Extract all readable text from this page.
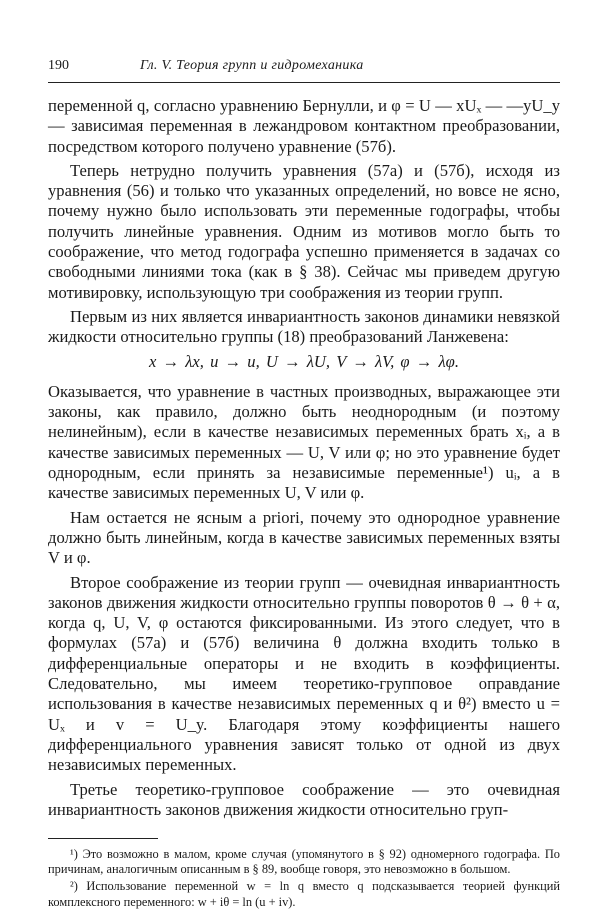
190	Гл. V. Теория групп и гидромеханика

переменной q, согласно уравнению Бернулли, и φ = U — xUₓ — —yU_y — зависимая переменная в лежандровом контактном преобразовании, посредством которого получено уравнение (57б).

Теперь нетрудно получить уравнения (57а) и (57б), исходя из уравнения (56) и только что указанных определений, но вовсе не ясно, почему нужно было использовать эти переменные годографы, чтобы получить линейные уравнения. Одним из мотивов могло быть то соображение, что метод годографа успешно применяется в задачах со свободными линиями тока (как в § 38). Сейчас мы приведем другую мотивировку, использующую три соображения из теории групп.

Первым из них является инвариантность законов динамики невязкой жидкости относительно группы (18) преобразований Ланжевена:

x → λx, u → u, U → λU, V → λV, φ → λφ.

Оказывается, что уравнение в частных производных, выражающее эти законы, как правило, должно быть неоднородным (и поэтому нелинейным), если в качестве независимых переменных брать xᵢ, а в качестве зависимых переменных — U, V или φ; но это уравнение будет однородным, если принять за независимые переменные¹) uᵢ, а в качестве зависимых переменных U, V или φ.

Нам остается не ясным a priori, почему это однородное уравнение должно быть линейным, когда в качестве зависимых переменных взяты V и φ.

Второе соображение из теории групп — очевидная инвариантность законов движения жидкости относительно группы поворотов θ → θ + α, когда q, U, V, φ остаются фиксированными. Из этого следует, что в формулах (57а) и (57б) величина θ должна входить только в дифференциальные операторы и не входить в коэффициенты. Следовательно, мы имеем теоретико-групповое оправдание использования в качестве независимых переменных q и θ²) вместо u = Uₓ и v = U_y. Благодаря этому коэффициенты нашего дифференциального уравнения зависят только от одной из двух независимых переменных.

Третье теоретико-групповое соображение — это очевидная инвариантность законов движения жидкости относительно груп-

¹) Это возможно в малом, кроме случая (упомянутого в § 92) одномерного годографа. По причинам, аналогичным описанным в § 89, вообще говоря, это невозможно в большом.

²) Использование переменной w = ln q вместо q подсказывается теорией функций комплексного переменного: w + iθ = ln (u + iv).
